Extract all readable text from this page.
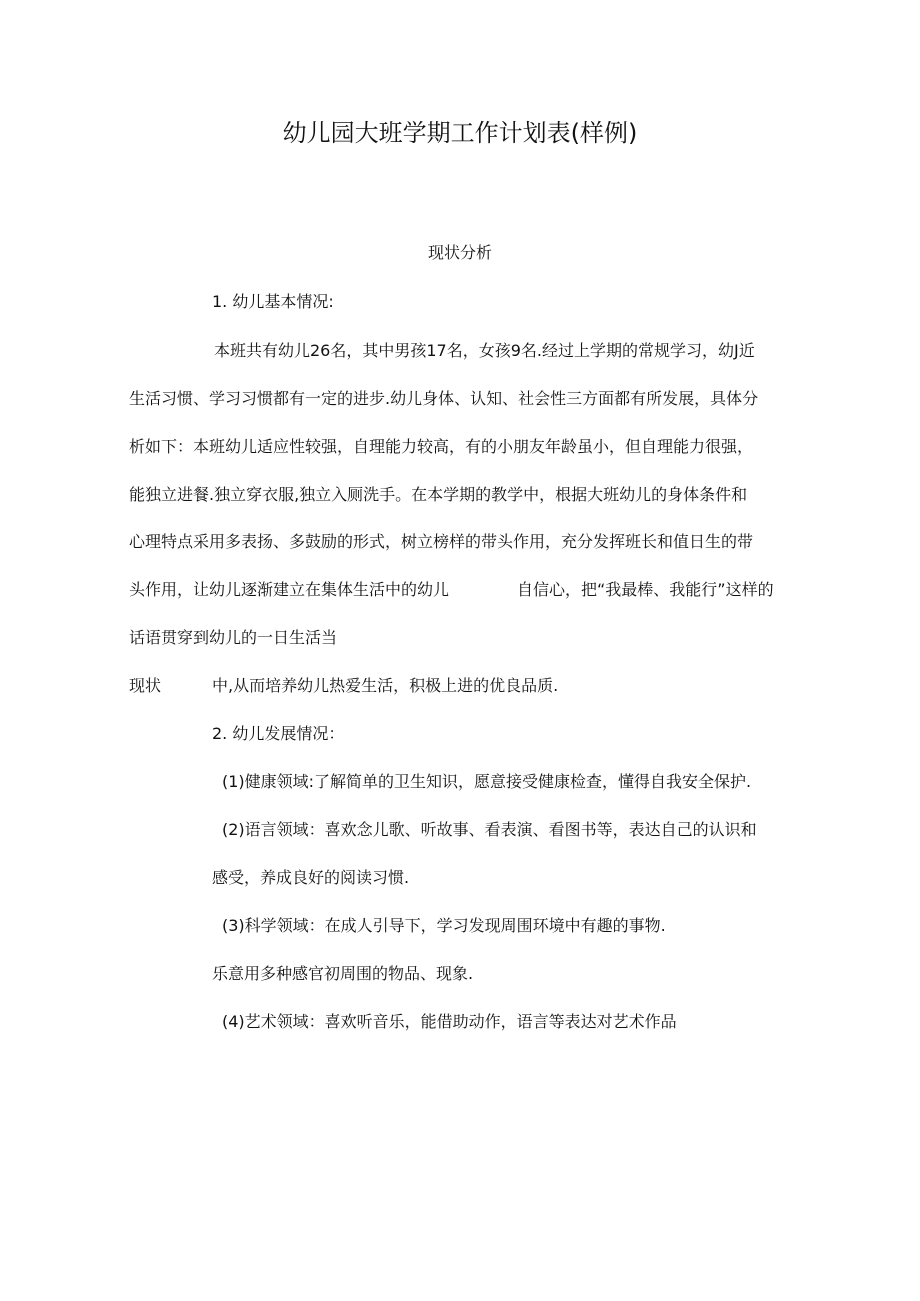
幼儿园大班学期工作计划表(样例)
现状分析
1. 幼儿基本情况:
本班共有幼儿26名，其中男孩17名，女孩9名.经过上学期的常规学习，幼J近
生活习惯、学习习惯都有一定的进步.幼儿身体、认知、社会性三方面都有所发展，具体分
析如下：本班幼儿适应性较强，自理能力较高，有的小朋友年龄虽小，但自理能力很强，
能独立进餐.独立穿衣服,独立入厕洗手。在本学期的教学中，根据大班幼儿的身体条件和
心理特点采用多表扬、多鼓励的形式，树立榜样的带头作用，充分发挥班长和值日生的带
头作用，让幼儿逐渐建立在集体生活中的幼儿	自信心，把“我最棒、我能行”这样的
话语贯穿到幼儿的一日生活当
现状	中,从而培养幼儿热爱生活，积极上进的优良品质.
2. 幼儿发展情况：
(1)健康领域:了解简单的卫生知识，愿意接受健康检查，懂得自我安全保护.
(2)语言领域：喜欢念儿歌、听故事、看表演、看图书等，表达自己的认识和
感受，养成良好的阅读习惯.
(3)科学领域：在成人引导下，学习发现周围环境中有趣的事物.
乐意用多种感官初周围的物品、现象.
(4)艺术领域：喜欢听音乐，能借助动作，语言等表达对艺术作品
